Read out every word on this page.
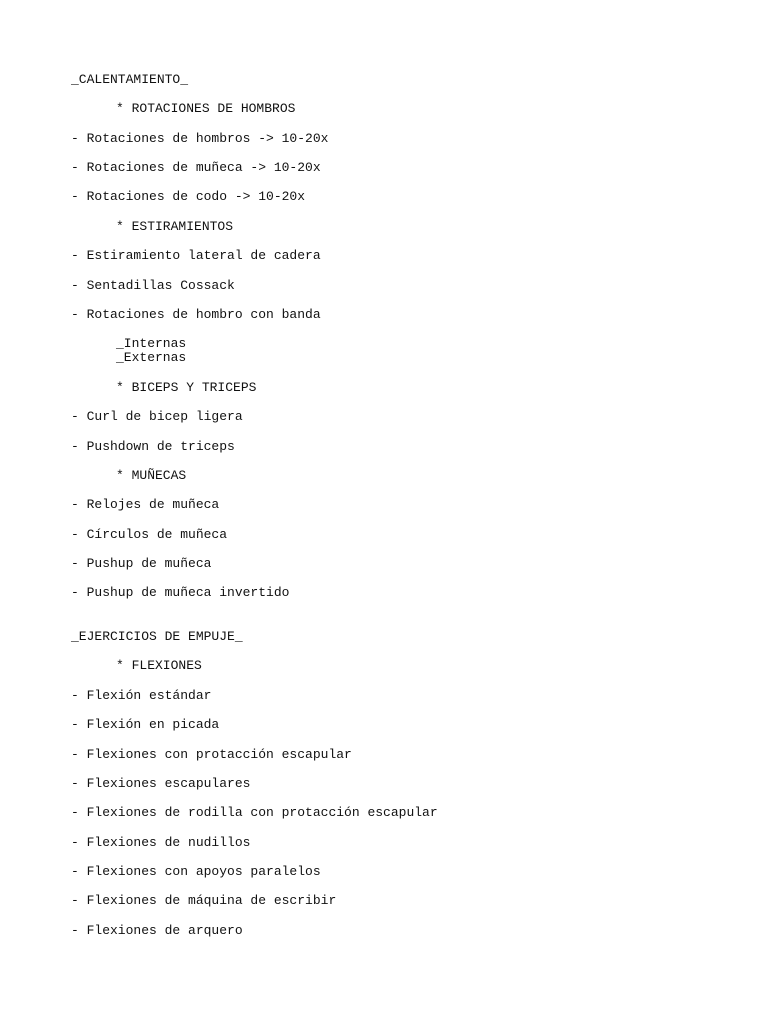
_CALENTAMIENTO_
* ROTACIONES DE HOMBROS
- Rotaciones de hombros -> 10-20x
- Rotaciones de muñeca -> 10-20x
- Rotaciones de codo -> 10-20x
* ESTIRAMIENTOS
- Estiramiento lateral de cadera
- Sentadillas Cossack
- Rotaciones de hombro con banda
_Internas
_Externas
* BICEPS Y TRICEPS
- Curl de bicep ligera
- Pushdown de triceps
* MUÑECAS
- Relojes de muñeca
- Círculos de muñeca
- Pushup de muñeca
- Pushup de muñeca invertido
_EJERCICIOS DE EMPUJE_
* FLEXIONES
- Flexión estándar
- Flexión en picada
- Flexiones con protacción escapular
- Flexiones escapulares
- Flexiones de rodilla con protacción escapular
- Flexiones de nudillos
- Flexiones con apoyos paralelos
- Flexiones de máquina de escribir
- Flexiones de arquero
